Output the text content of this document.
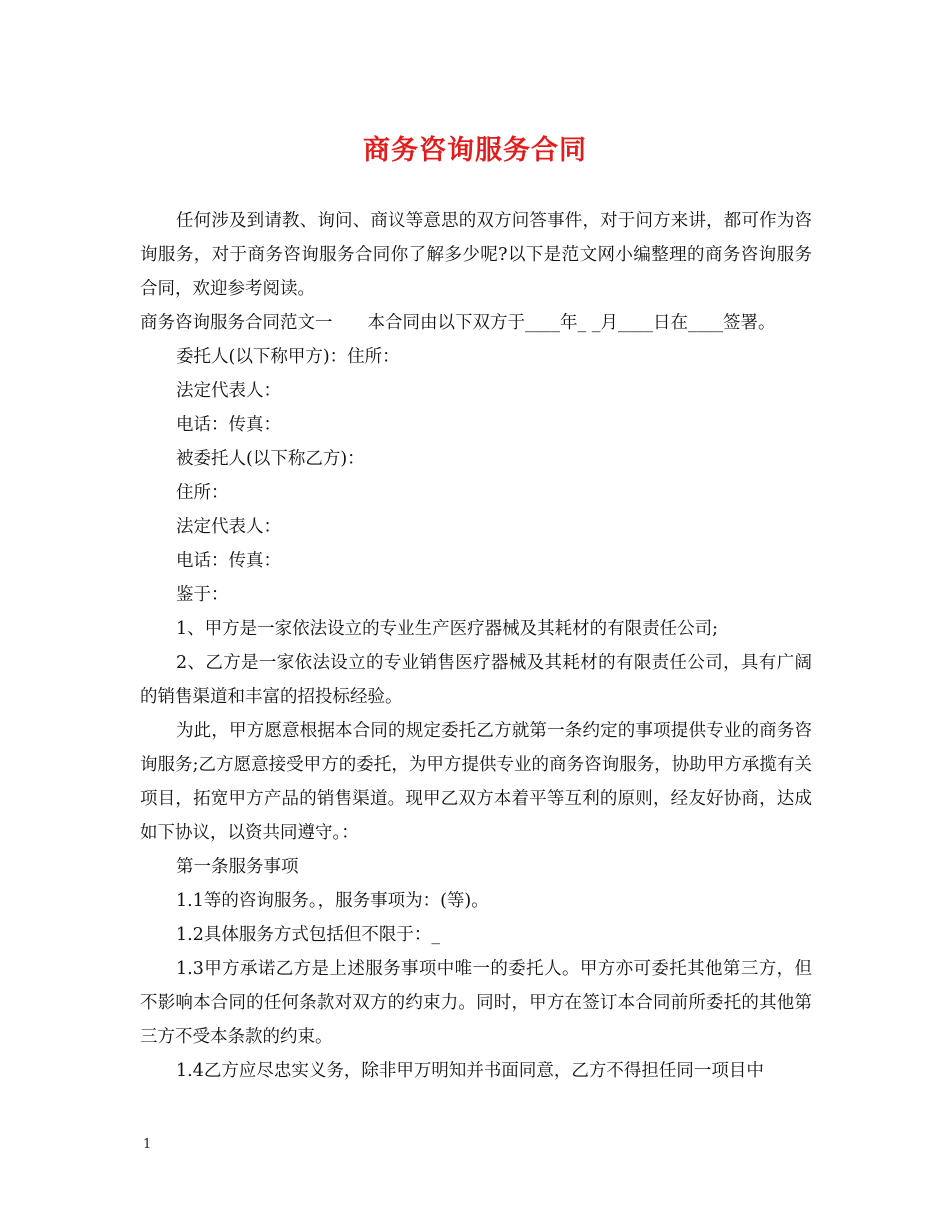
商务咨询服务合同

任何涉及到请教、询问、商议等意思的双方问答事件，对于问方来讲，都可作为咨询服务，对于商务咨询服务合同你了解多少呢?以下是范文网小编整理的商务咨询服务合同，欢迎参考阅读。

商务咨询服务合同范文一　　本合同由以下双方于____年_ _月____日在____签署。

委托人(以下称甲方)：住所：

法定代表人：

电话：传真：

被委托人(以下称乙方)：

住所：

法定代表人：

电话：传真：

鉴于：

1、甲方是一家依法设立的专业生产医疗器械及其耗材的有限责任公司;

2、乙方是一家依法设立的专业销售医疗器械及其耗材的有限责任公司，具有广阔的销售渠道和丰富的招投标经验。

为此，甲方愿意根据本合同的规定委托乙方就第一条约定的事项提供专业的商务咨询服务;乙方愿意接受甲方的委托，为甲方提供专业的商务咨询服务，协助甲方承揽有关项目，拓宽甲方产品的销售渠道。现甲乙双方本着平等互利的原则，经友好协商，达成如下协议，以资共同遵守。：

第一条服务事项

1.1等的咨询服务。，服务事项为：(等)。

1.2具体服务方式包括但不限于：_

1.3甲方承诺乙方是上述服务事项中唯一的委托人。甲方亦可委托其他第三方，但不影响本合同的任何条款对双方的约束力。同时，甲方在签订本合同前所委托的其他第三方不受本条款的约束。

1.4乙方应尽忠实义务，除非甲万明知并书面同意，乙方不得担任同一项目中

1
